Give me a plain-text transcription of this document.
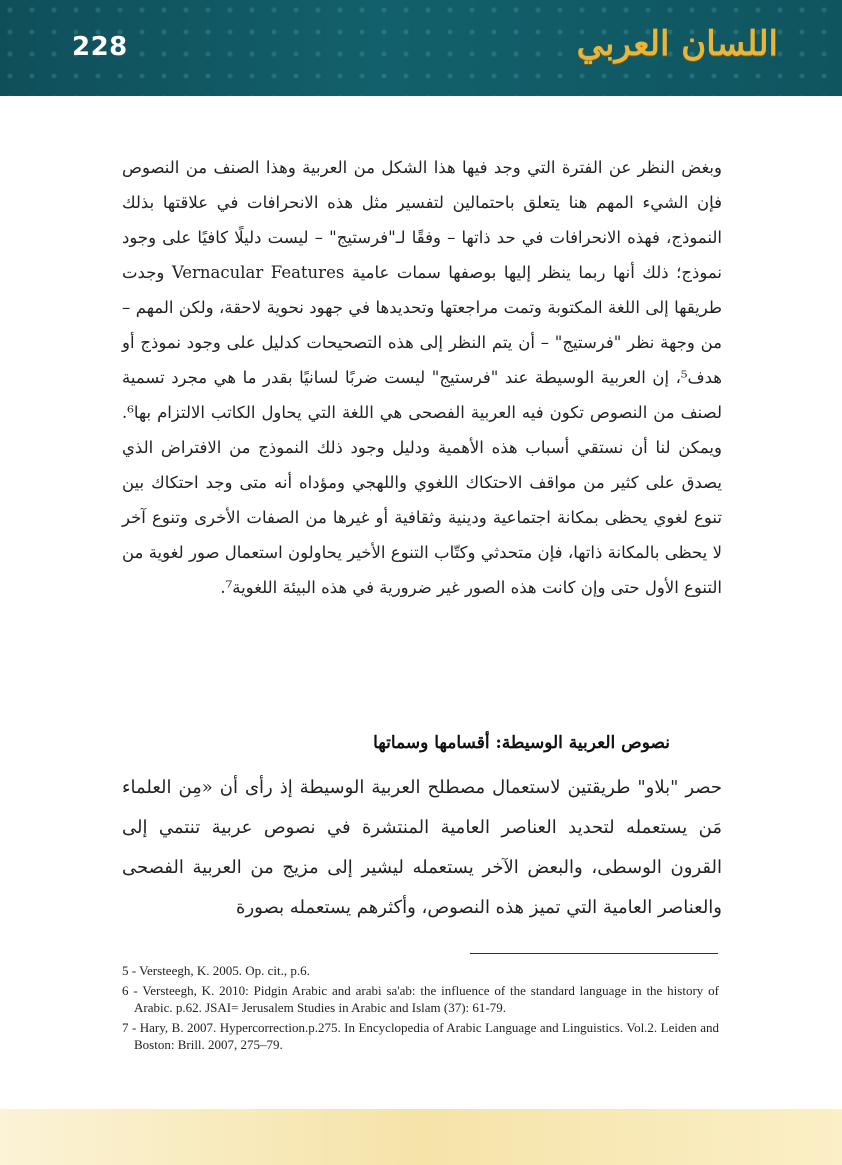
228	اللسان العربي

وبغض النظر عن الفترة التي وجد فيها هذا الشكل من العربية وهذا الصنف من النصوص فإن الشيء المهم هنا يتعلق باحتمالين لتفسير مثل هذه الانحرافات في علاقتها بذلك النموذج، فهذه الانحرافات في حد ذاتها – وفقًا لـ"فرستيج" – ليست دليلًا كافيًا على وجود نموذج؛ ذلك أنها ربما ينظر إليها بوصفها سمات عامية Vernacular Features وجدت طريقها إلى اللغة المكتوبة وتمت مراجعتها وتحديدها في جهود نحوية لاحقة، ولكن المهم – من وجهة نظر "فرستيج" – أن يتم النظر إلى هذه التصحيحات كدليل على وجود نموذج أو هدف⁵، إن العربية الوسيطة عند "فرستيج" ليست ضربًا لسانيًا بقدر ما هي مجرد تسمية لصنف من النصوص تكون فيه العربية الفصحى هي اللغة التي يحاول الكاتب الالتزام بها⁶. ويمكن لنا أن نستقي أسباب هذه الأهمية ودليل وجود ذلك النموذج من الافتراض الذي يصدق على كثير من مواقف الاحتكاك اللغوي واللهجي ومؤداه أنه متى وجد احتكاك بين تنوع لغوي يحظى بمكانة اجتماعية ودينية وثقافية أو غيرها من الصفات الأخرى وتنوع آخر لا يحظى بالمكانة ذاتها، فإن متحدثي وكتّاب التنوع الأخير يحاولون استعمال صور لغوية من التنوع الأول حتى وإن كانت هذه الصور غير ضرورية في هذه البيئة اللغوية⁷.

نصوص العربية الوسيطة: أقسامها وسماتها

حصر "بلاو" طريقتين لاستعمال مصطلح العربية الوسيطة إذ رأى أن «مِن العلماء مَن يستعمله لتحديد العناصر العامية المنتشرة في نصوص عربية تنتمي إلى القرون الوسطى، والبعض الآخر يستعمله ليشير إلى مزيج من العربية الفصحى والعناصر العامية التي تميز هذه النصوص، وأكثرهم يستعمله بصورة

5 - Versteegh, K. 2005. Op. cit., p.6.

6 - Versteegh, K. 2010: Pidgin Arabic and arabi sa'ab: the influence of the standard language in the history of Arabic. p.62. JSAI= Jerusalem Studies in Arabic and Islam (37): 61-79.

7 - Hary, B. 2007. Hypercorrection.p.275. In Encyclopedia of Arabic Language and Linguistics. Vol.2. Leiden and Boston: Brill. 2007, 275–79.
